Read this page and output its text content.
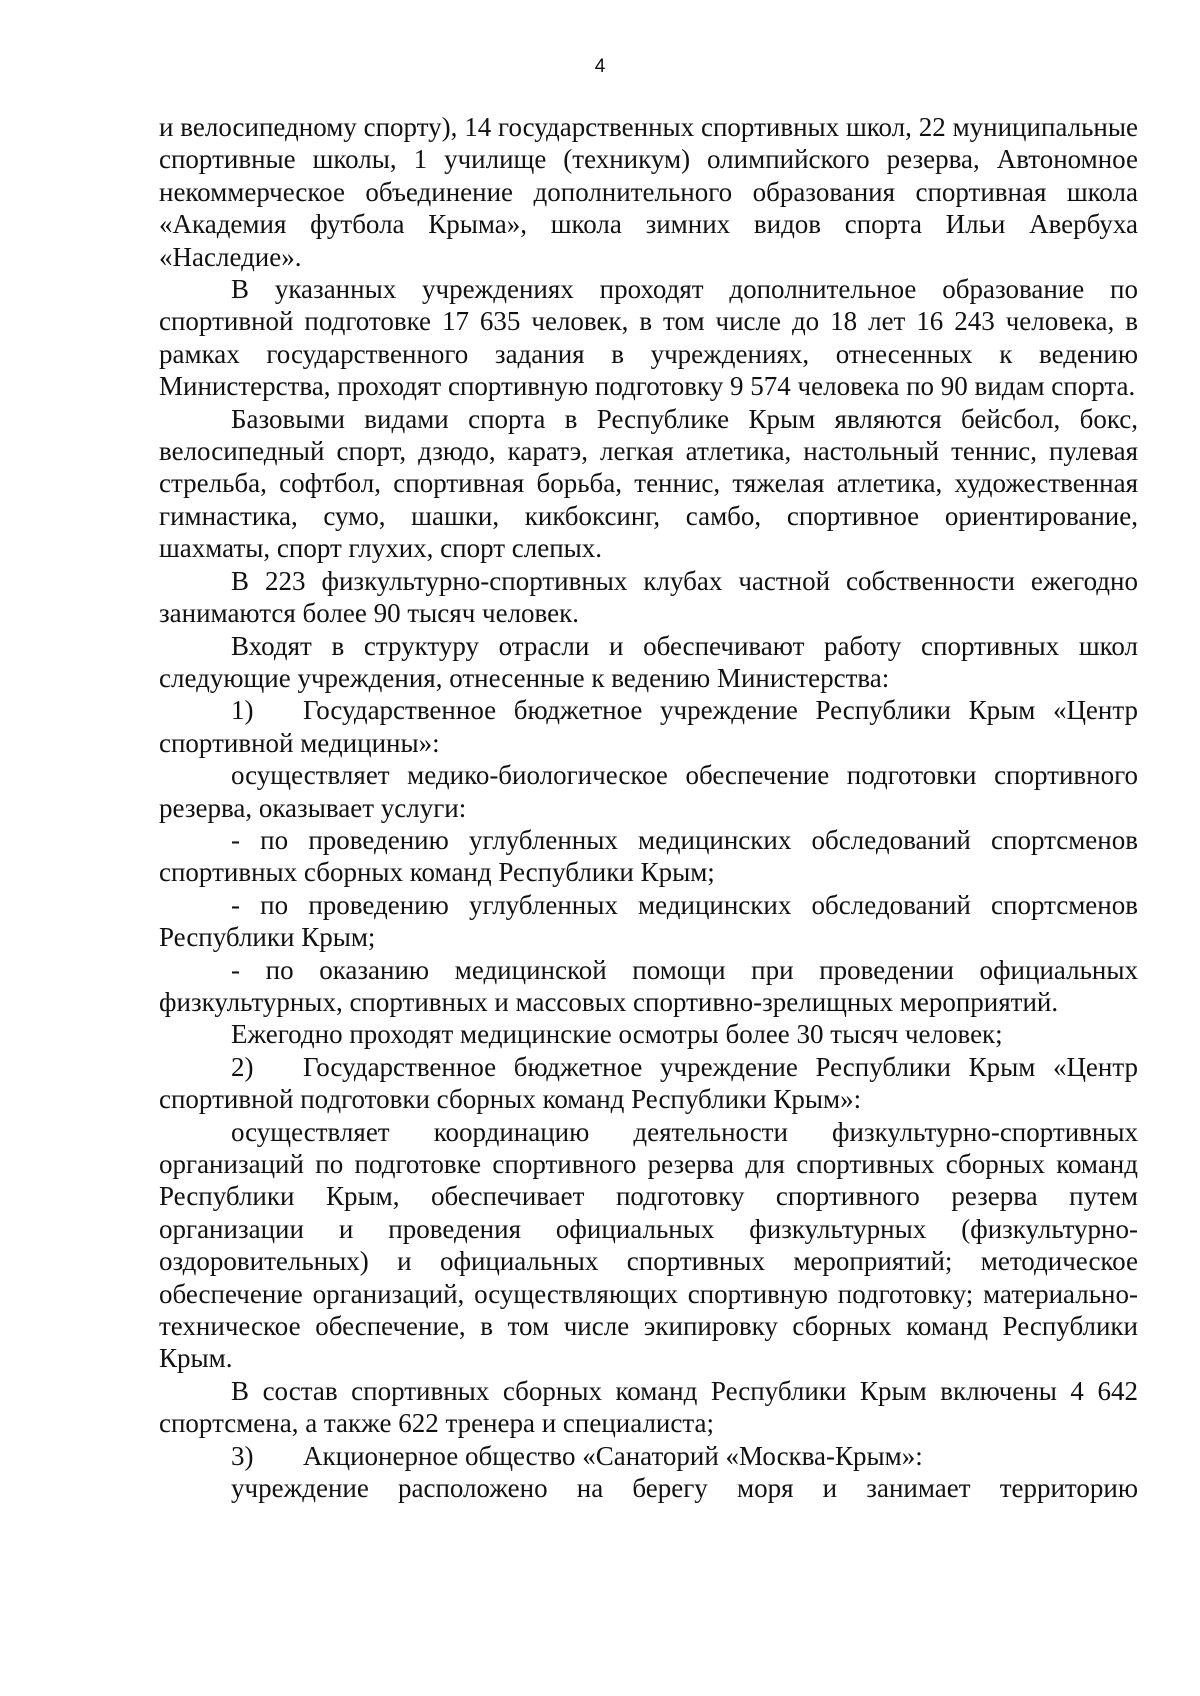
4

и велосипедному спорту), 14 государственных спортивных школ, 22 муниципальные спортивные школы, 1 училище (техникум) олимпийского резерва, Автономное некоммерческое объединение дополнительного образования спортивная школа «Академия футбола Крыма», школа зимних видов спорта Ильи Авербуха «Наследие».

В указанных учреждениях проходят дополнительное образование по спортивной подготовке 17 635 человек, в том числе до 18 лет 16 243 человека, в рамках государственного задания в учреждениях, отнесенных к ведению Министерства, проходят спортивную подготовку 9 574 человека по 90 видам спорта.

Базовыми видами спорта в Республике Крым являются бейсбол, бокс, велосипедный спорт, дзюдо, каратэ, легкая атлетика, настольный теннис, пулевая стрельба, софтбол, спортивная борьба, теннис, тяжелая атлетика, художественная гимнастика, сумо, шашки, кикбоксинг, самбо, спортивное ориентирование, шахматы, спорт глухих, спорт слепых.

В 223 физкультурно-спортивных клубах частной собственности ежегодно занимаются более 90 тысяч человек.

Входят в структуру отрасли и обеспечивают работу спортивных школ следующие учреждения, отнесенные к ведению Министерства:

1) Государственное бюджетное учреждение Республики Крым «Центр спортивной медицины»:

осуществляет медико-биологическое обеспечение подготовки спортивного резерва, оказывает услуги:

- по проведению углубленных медицинских обследований спортсменов спортивных сборных команд Республики Крым;

- по проведению углубленных медицинских обследований спортсменов Республики Крым;

- по оказанию медицинской помощи при проведении официальных физкультурных, спортивных и массовых спортивно-зрелищных мероприятий.

Ежегодно проходят медицинские осмотры более 30 тысяч человек;

2) Государственное бюджетное учреждение Республики Крым «Центр спортивной подготовки сборных команд Республики Крым»:

осуществляет координацию деятельности физкультурно-спортивных организаций по подготовке спортивного резерва для спортивных сборных команд Республики Крым, обеспечивает подготовку спортивного резерва путем организации и проведения официальных физкультурных (физкультурно-оздоровительных) и официальных спортивных мероприятий; методическое обеспечение организаций, осуществляющих спортивную подготовку; материально-техническое обеспечение, в том числе экипировку сборных команд Республики Крым.

В состав спортивных сборных команд Республики Крым включены 4 642 спортсмена, а также 622 тренера и специалиста;

3) Акционерное общество «Санаторий «Москва-Крым»:

учреждение расположено на берегу моря и занимает территорию
